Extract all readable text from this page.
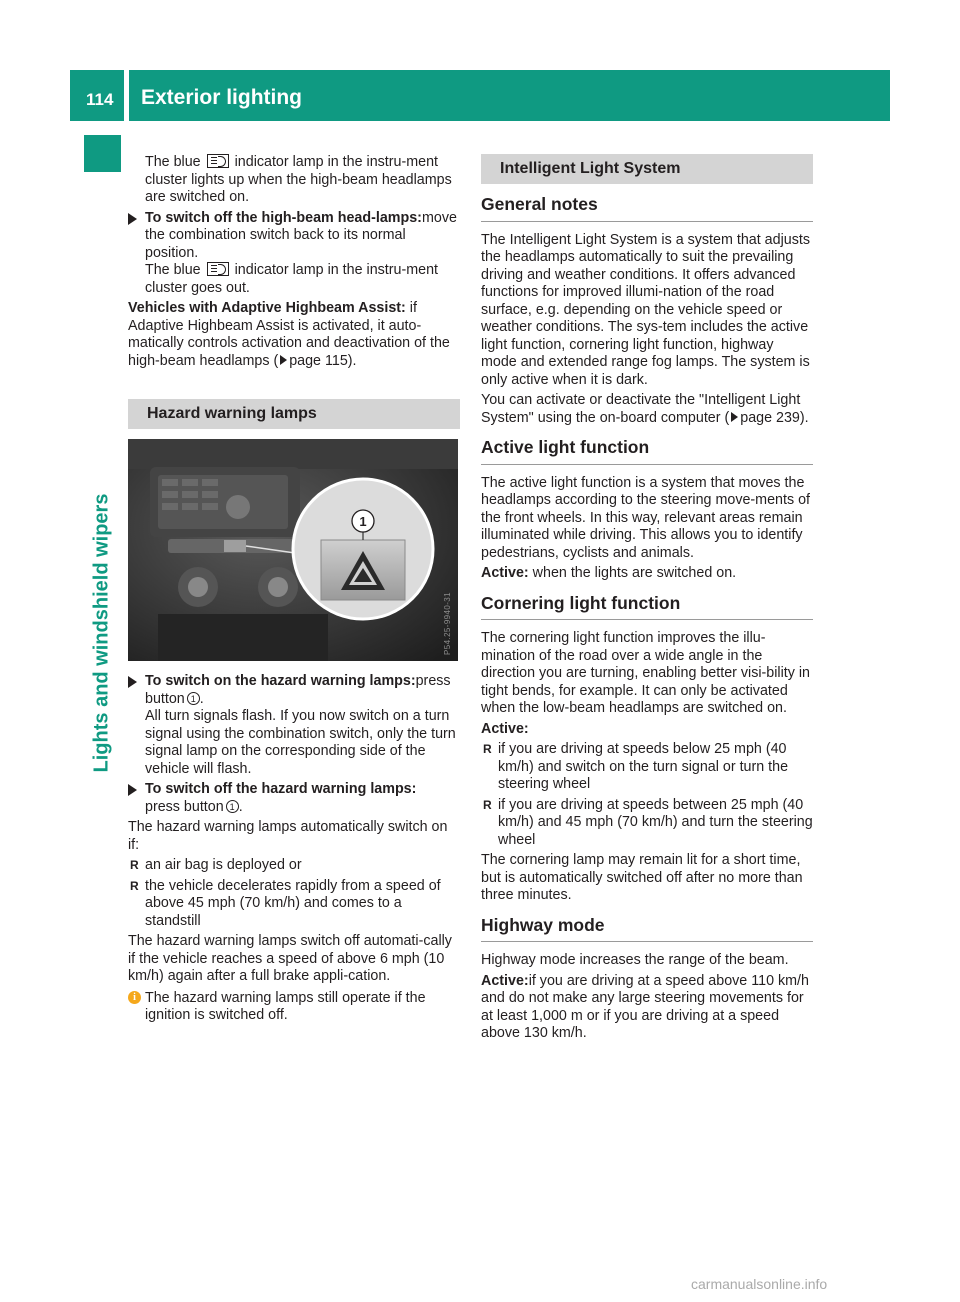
114 Exterior lighting
Lights and windshield wipers

The blue indicator lamp in the instru-ment cluster lights up when the high-beam headlamps are switched on.

To switch off the high-beam head-lamps:move the combination switch back to its normal position.
The blue indicator lamp in the instru-ment cluster goes out.

Vehicles with Adaptive Highbeam Assist: if Adaptive Highbeam Assist is activated, it auto-matically controls activation and deactivation of the high-beam headlamps ( page 115).

Hazard warning lamps
1
P54.25-9940-31
To switch on the hazard warning lamps:press button 1 .
All turn signals flash. If you now switch on a turn signal using the combination switch, only the turn signal lamp on the corresponding side of the vehicle will flash.
To switch off the hazard warning lamps:
press button 1 .

The hazard warning lamps automatically switch on if:

R an air bag is deployed or
R the vehicle decelerates rapidly from a speed of above 45 mph (70 km/h) and comes to a standstill

The hazard warning lamps switch off automati-cally if the vehicle reaches a speed of above 6 mph (10 km/h) again after a full brake appli-cation.

i The hazard warning lamps still operate if the ignition is switched off.
Intelligent Light System
General notes

The Intelligent Light System is a system that adjusts the headlamps automatically to suit the prevailing driving and weather conditions. It offers advanced functions for improved illumi-nation of the road surface, e.g. depending on the vehicle speed or weather conditions. The sys-tem includes the active light function, cornering light function, highway mode and extended range fog lamps. The system is only active when it is dark.

You can activate or deactivate the "Intelligent Light System" using the on-board computer ( page 239).

Active light function

The active light function is a system that moves the headlamps according to the steering move-ments of the front wheels. In this way, relevant areas remain illuminated while driving. This allows you to identify pedestrians, cyclists and animals.

Active: when the lights are switched on.

Cornering light function

The cornering light function improves the illu-mination of the road over a wide angle in the direction you are turning, enabling better visi-bility in tight bends, for example. It can only be activated when the low-beam headlamps are switched on.

Active:

R if you are driving at speeds below 25 mph (40 km/h) and switch on the turn signal or turn the steering wheel
R if you are driving at speeds between 25 mph (40 km/h) and 45 mph (70 km/h) and turn the steering wheel

The cornering lamp may remain lit for a short time, but is automatically switched off after no more than three minutes.

Highway mode

Highway mode increases the range of the beam.

Active:if you are driving at a speed above 110 km/h and do not make any large steering movements for at least 1,000 m or if you are driving at a speed above 130 km/h.

carmanualsonline.info
